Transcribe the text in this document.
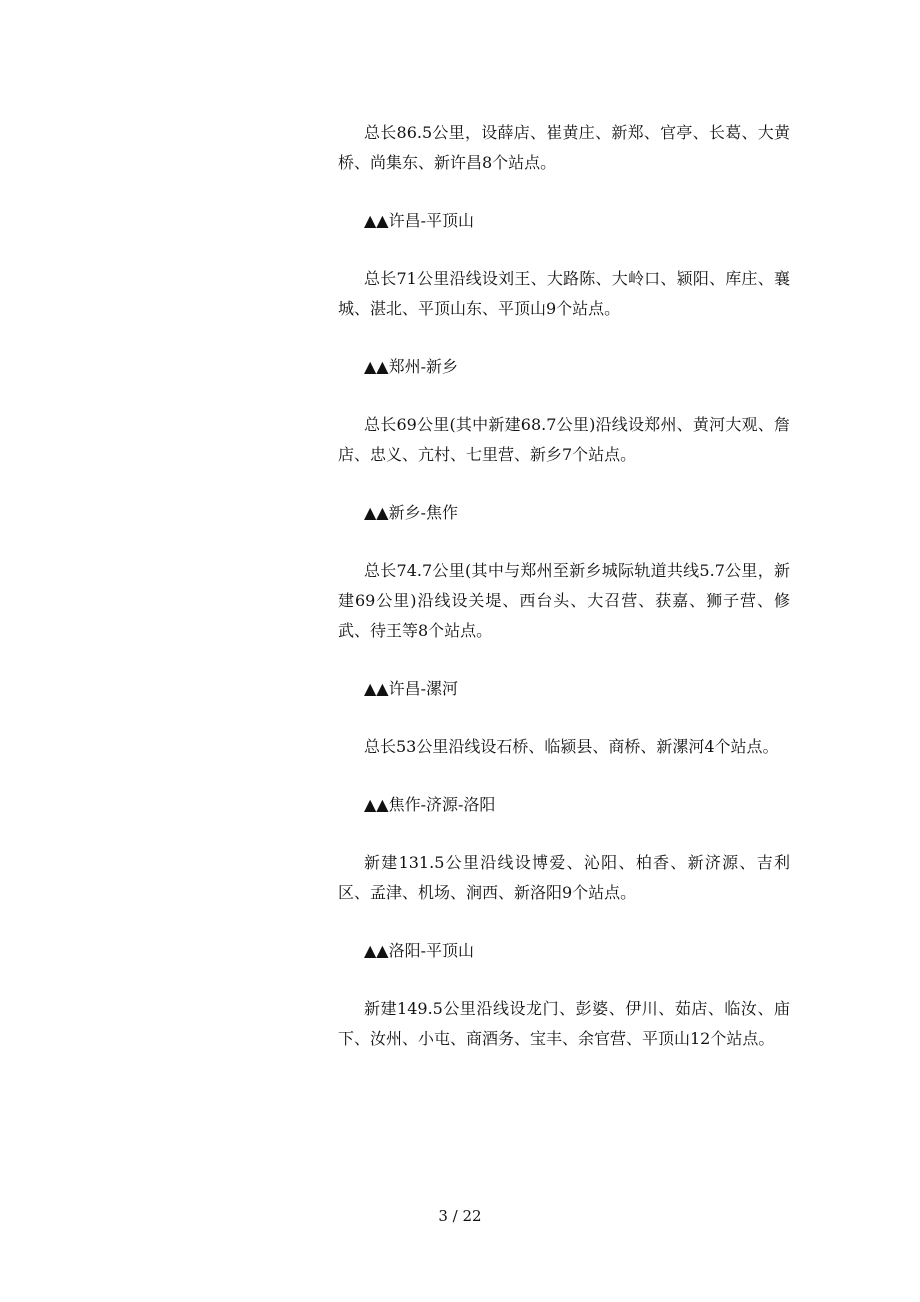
总长86.5公里，设薛店、崔黄庄、新郑、官亭、长葛、大黄桥、尚集东、新许昌8个站点。

▲▲许昌-平顶山

总长71公里沿线设刘王、大路陈、大岭口、颍阳、库庄、襄城、湛北、平顶山东、平顶山9个站点。

▲▲郑州-新乡

总长69公里(其中新建68.7公里)沿线设郑州、黄河大观、詹店、忠义、亢村、七里营、新乡7个站点。

▲▲新乡-焦作

总长74.7公里(其中与郑州至新乡城际轨道共线5.7公里，新建69公里)沿线设关堤、西台头、大召营、获嘉、狮子营、修武、待王等8个站点。

▲▲许昌-漯河

总长53公里沿线设石桥、临颍县、商桥、新漯河4个站点。

▲▲焦作-济源-洛阳

新建131.5公里沿线设博爱、沁阳、柏香、新济源、吉利区、孟津、机场、涧西、新洛阳9个站点。

▲▲洛阳-平顶山

新建149.5公里沿线设龙门、彭婆、伊川、茹店、临汝、庙下、汝州、小屯、商酒务、宝丰、余官营、平顶山12个站点。

3 / 22
